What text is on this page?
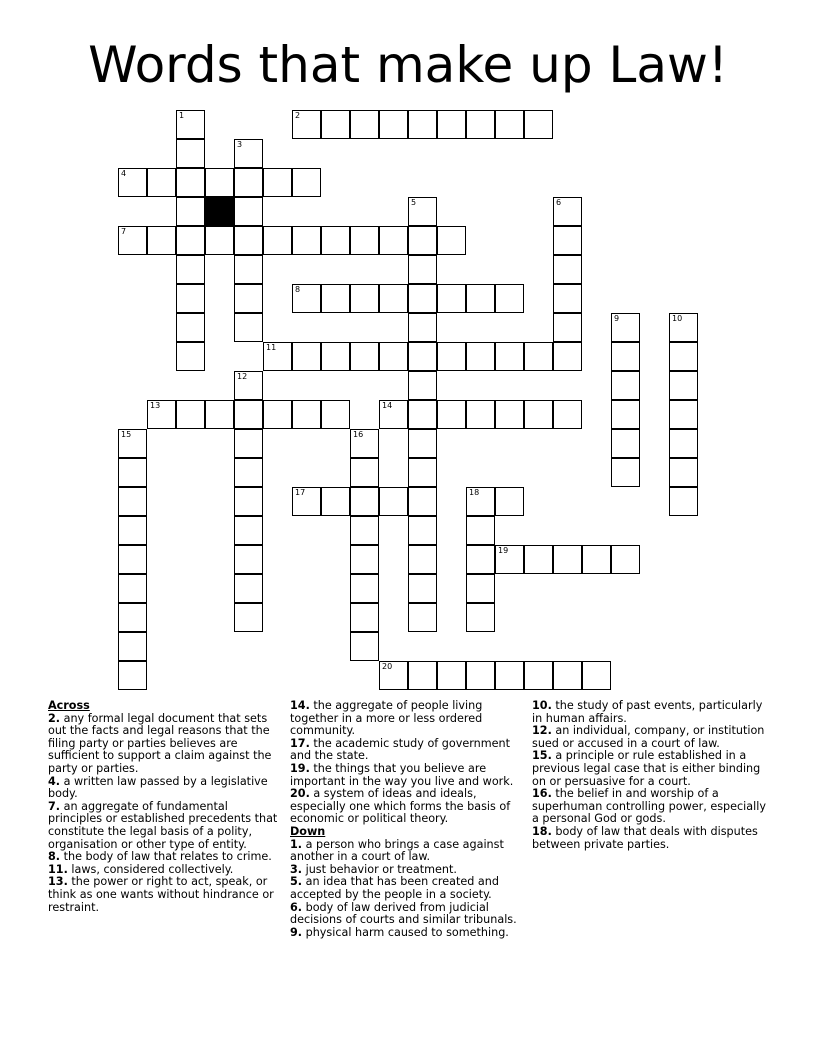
Words that make up Law!
1	2
3
4
5	6
7
8
9	10
11
12
13	14
15	16
17	18
19
20
Across
2. any formal legal document that sets out the facts and legal reasons that the filing party or parties believes are sufficient to support a claim against the party or parties.
4. a written law passed by a legislative body.
7. an aggregate of fundamental principles or established precedents that constitute the legal basis of a polity, organisation or other type of entity.
8. the body of law that relates to crime.
11. laws, considered collectively.
13. the power or right to act, speak, or think as one wants without hindrance or restraint.
14. the aggregate of people living together in a more or less ordered community.
17. the academic study of government and the state.
19. the things that you believe are important in the way you live and work.
20. a system of ideas and ideals, especially one which forms the basis of economic or political theory.
Down
1. a person who brings a case against another in a court of law.
3. just behavior or treatment.
5. an idea that has been created and accepted by the people in a society.
6. body of law derived from judicial decisions of courts and similar tribunals.
9. physical harm caused to something.
10. the study of past events, particularly in human affairs.
12. an individual, company, or institution sued or accused in a court of law.
15. a principle or rule established in a previous legal case that is either binding on or persuasive for a court.
16. the belief in and worship of a superhuman controlling power, especially a personal God or gods.
18. body of law that deals with disputes between private parties.
